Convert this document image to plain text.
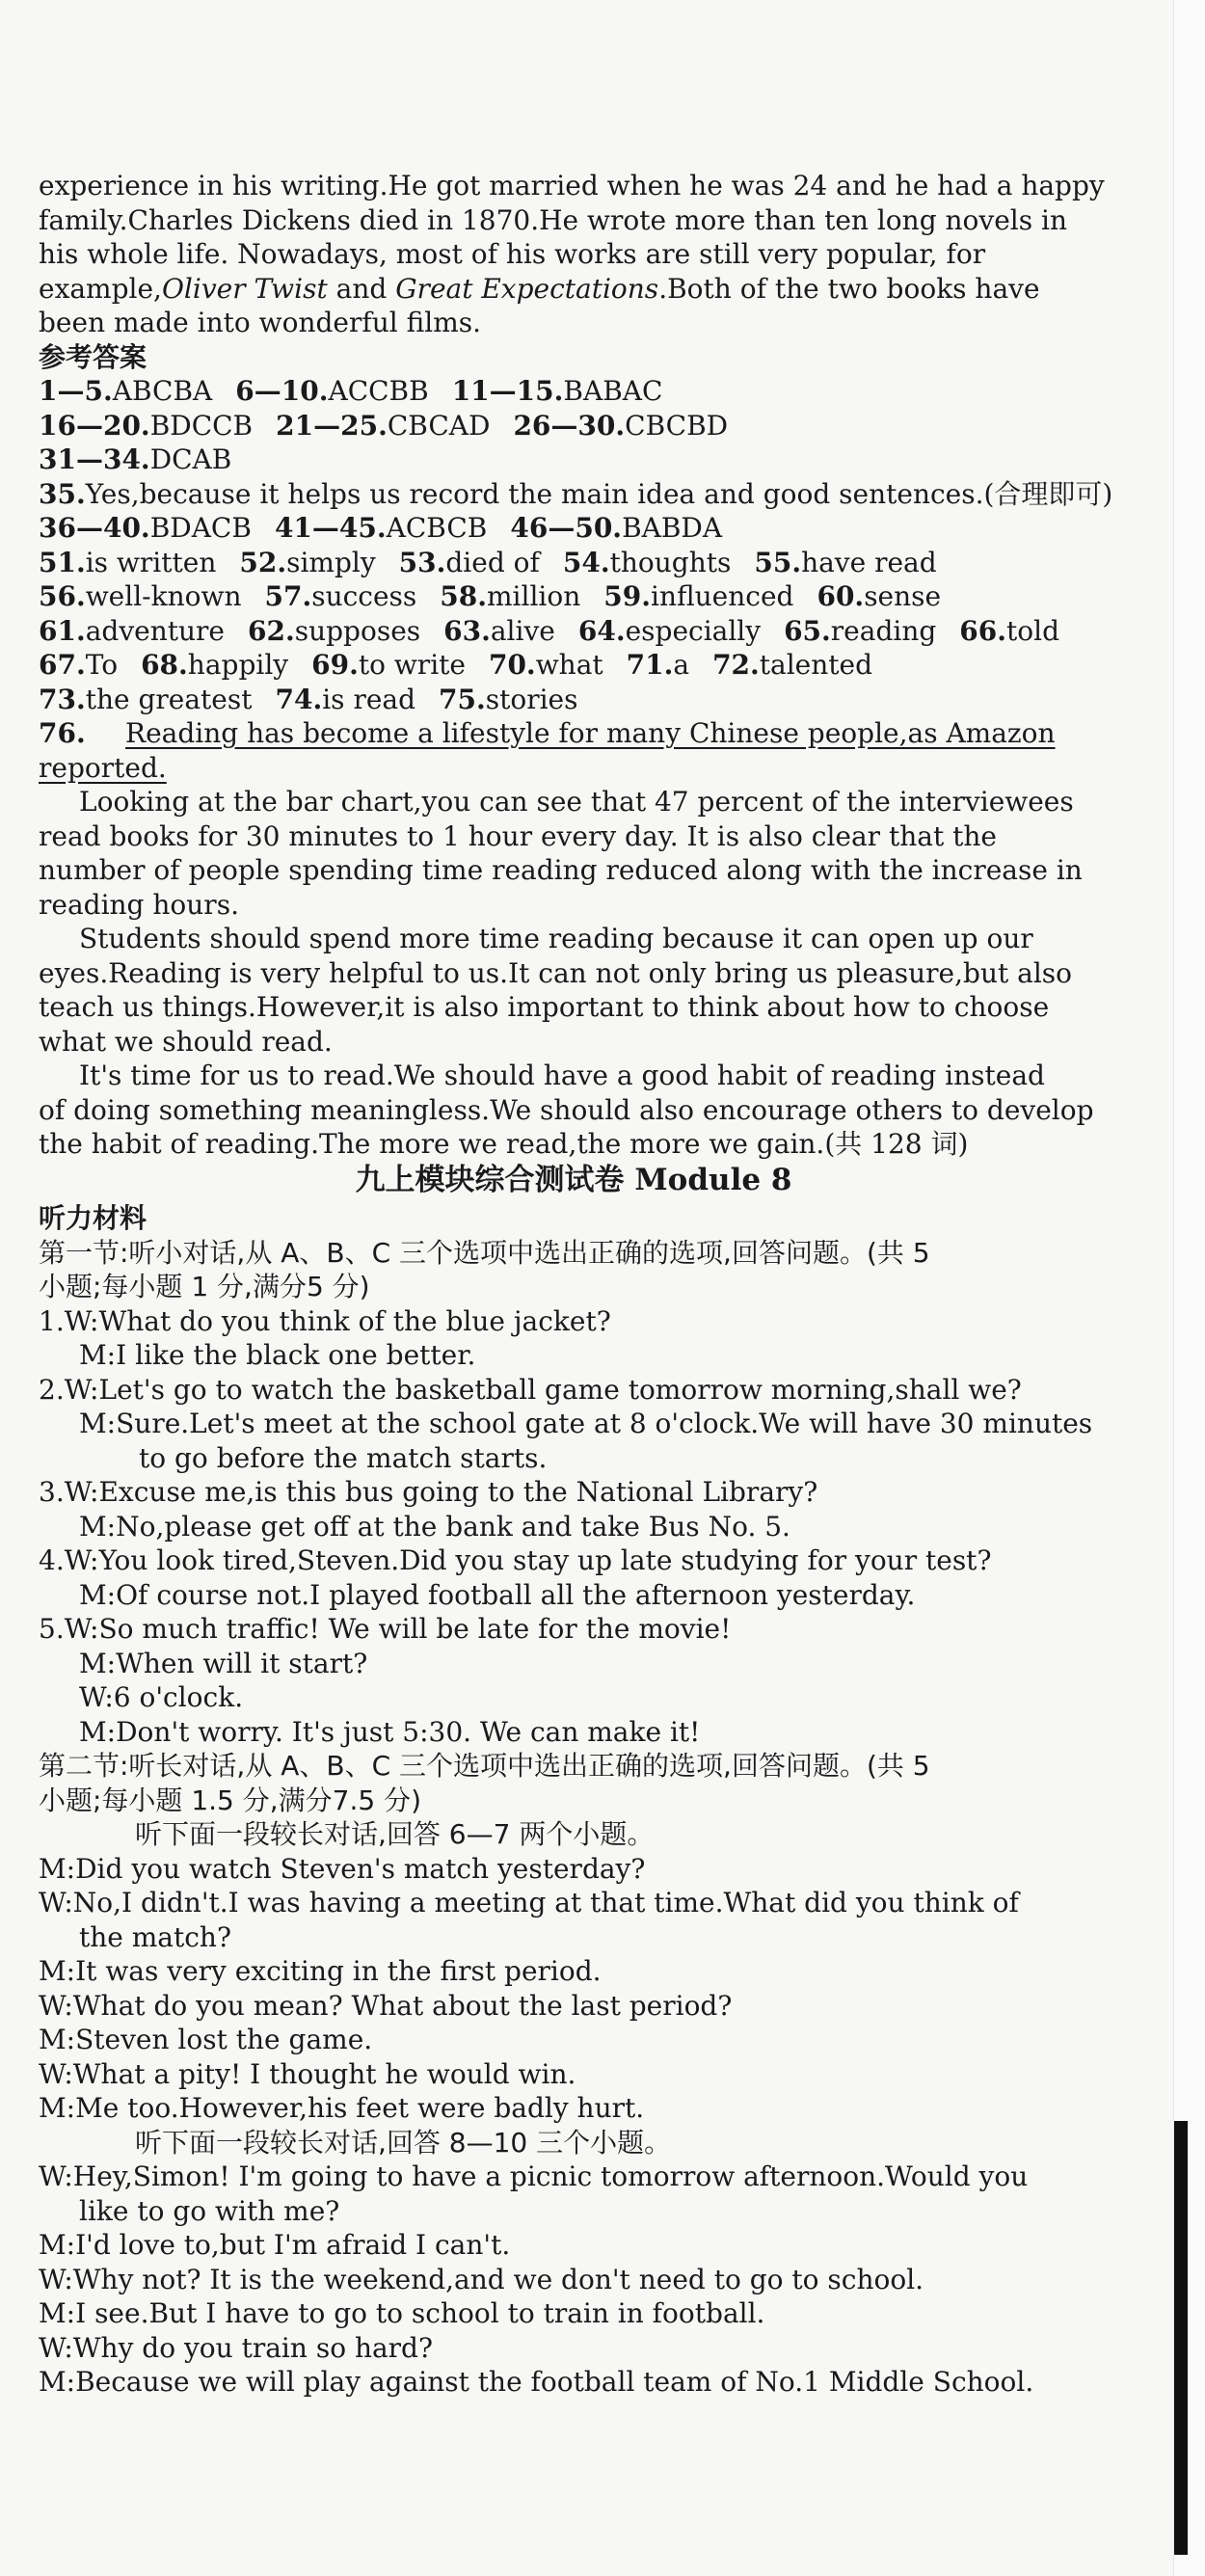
experience in his writing.He got married when he was 24 and he had a happy
family.Charles Dickens died in 1870.He wrote more than ten long novels in
his whole life. Nowadays, most of his works are still very popular, for
example,Oliver Twist and Great Expectations.Both of the two books have
been made into wonderful films.
参考答案
1—5.ABCBA 6—10.ACCBB 11—15.BABAC
16—20.BDCCB 21—25.CBCAD 26—30.CBCBD
31—34.DCAB
35.Yes,because it helps us record the main idea and good sentences.(合理即可)
36—40.BDACB 41—45.ACBCB 46—50.BABDA
51.is written 52.simply 53.died of 54.thoughts 55.have read
56.well-known 57.success 58.million 59.influenced 60.sense
61.adventure 62.supposes 63.alive 64.especially 65.reading 66.told
67.To 68.happily 69.to write 70.what 71.a 72.talented
73.the greatest 74.is read 75.stories
76.	Reading has become a lifestyle for many Chinese people,as Amazon
reported.
Looking at the bar chart,you can see that 47 percent of the interviewees
read books for 30 minutes to 1 hour every day. It is also clear that the
number of people spending time reading reduced along with the increase in
reading hours.
Students should spend more time reading because it can open up our
eyes.Reading is very helpful to us.It can not only bring us pleasure,but also
teach us things.However,it is also important to think about how to choose
what we should read.
It's time for us to read.We should have a good habit of reading instead
of doing something meaningless.We should also encourage others to develop
the habit of reading.The more we read,the more we gain.(共 128 词)
九上模块综合测试卷 Module 8
听力材料
第一节:听小对话,从 A、B、C 三个选项中选出正确的选项,回答问题。(共 5
小题;每小题 1 分,满分5 分)
1.W:What do you think of the blue jacket?
M:I like the black one better.
2.W:Let's go to watch the basketball game tomorrow morning,shall we?
M:Sure.Let's meet at the school gate at 8 o'clock.We will have 30 minutes
to go before the match starts.
3.W:Excuse me,is this bus going to the National Library?
M:No,please get off at the bank and take Bus No. 5.
4.W:You look tired,Steven.Did you stay up late studying for your test?
M:Of course not.I played football all the afternoon yesterday.
5.W:So much traffic! We will be late for the movie!
M:When will it start?
W:6 o'clock.
M:Don't worry. It's just 5:30. We can make it!
第二节:听长对话,从 A、B、C 三个选项中选出正确的选项,回答问题。(共 5
小题;每小题 1.5 分,满分7.5 分)
听下面一段较长对话,回答 6—7 两个小题。
M:Did you watch Steven's match yesterday?
W:No,I didn't.I was having a meeting at that time.What did you think of
the match?
M:It was very exciting in the first period.
W:What do you mean? What about the last period?
M:Steven lost the game.
W:What a pity! I thought he would win.
M:Me too.However,his feet were badly hurt.
听下面一段较长对话,回答 8—10 三个小题。
W:Hey,Simon! I'm going to have a picnic tomorrow afternoon.Would you
like to go with me?
M:I'd love to,but I'm afraid I can't.
W:Why not? It is the weekend,and we don't need to go to school.
M:I see.But I have to go to school to train in football.
W:Why do you train so hard?
M:Because we will play against the football team of No.1 Middle School.
